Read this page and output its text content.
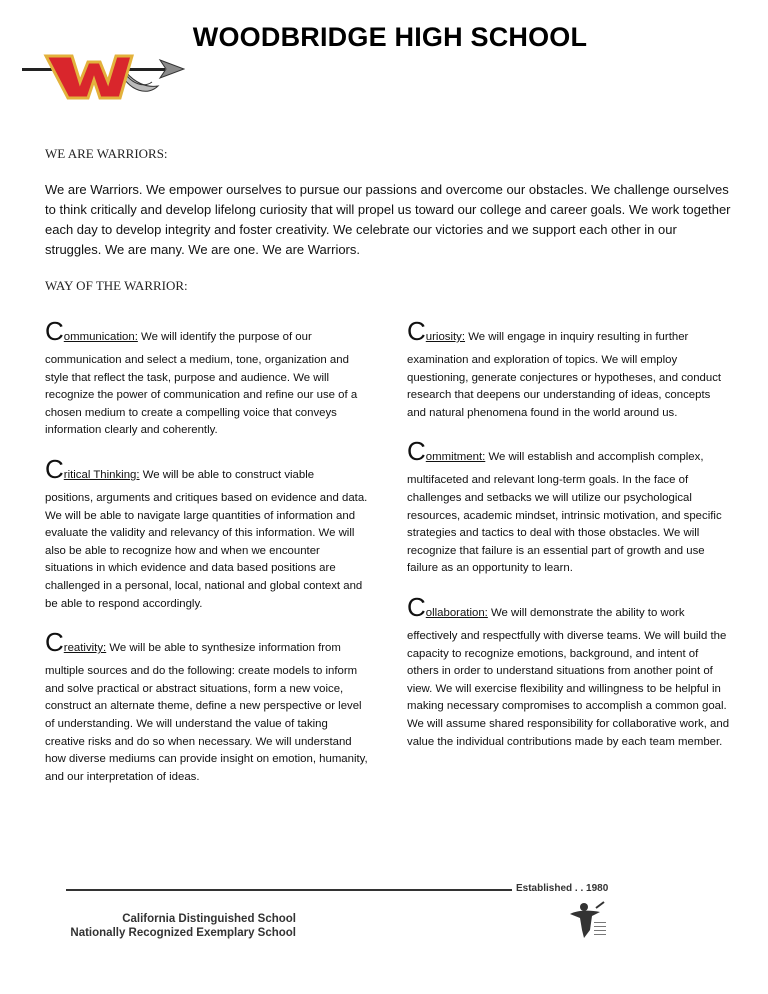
WOODBRIDGE HIGH SCHOOL
WE ARE WARRIORS:
We are Warriors. We empower ourselves to pursue our passions and overcome our obstacles. We challenge ourselves to think critically and develop lifelong curiosity that will propel us toward our college and career goals. We work together each day to develop integrity and foster creativity. We celebrate our victories and we support each other in our struggles. We are many. We are one. We are Warriors.
WAY OF THE WARRIOR:
Communication: We will identify the purpose of our
communication and select a medium, tone, organization and style that reflect the task, purpose and audience. We will recognize the power of communication and refine our use of a chosen medium to create a compelling voice that conveys information clearly and coherently.
Critical Thinking: We will be able to construct viable
positions, arguments and critiques based on evidence and data. We will be able to navigate large quantities of information and evaluate the validity and relevancy of this information. We will also be able to recognize how and when we encounter situations in which evidence and data based positions are challenged in a personal, local, national and global context and be able to respond accordingly.
Creativity: We will be able to synthesize information from
multiple sources and do the following: create models to inform and solve practical or abstract situations, form a new voice, construct an alternate theme, define a new perspective or level of understanding. We will understand the value of taking creative risks and do so when necessary. We will understand how diverse mediums can provide insight on emotion, humanity, and our interpretation of ideas.
Curiosity: We will engage in inquiry resulting in further
examination and exploration of topics. We will employ questioning, generate conjectures or hypotheses, and conduct research that deepens our understanding of ideas, concepts and natural phenomena found in the world around us.
Commitment: We will establish and accomplish complex,
multifaceted and relevant long-term goals. In the face of challenges and setbacks we will utilize our psychological resources, academic mindset, intrinsic motivation, and specific strategies and tactics to deal with those obstacles. We will recognize that failure is an essential part of growth and use failure as an opportunity to learn.
Collaboration: We will demonstrate the ability to work
effectively and respectfully with diverse teams. We will build the capacity to recognize emotions, background, and intent of others in order to understand situations from another point of view. We will exercise flexibility and willingness to be helpful in making necessary compromises to accomplish a common goal. We will assume shared responsibility for collaborative work, and value the individual contributions made by each team member.
Established . . 1980
California Distinguished School
Nationally Recognized Exemplary School
